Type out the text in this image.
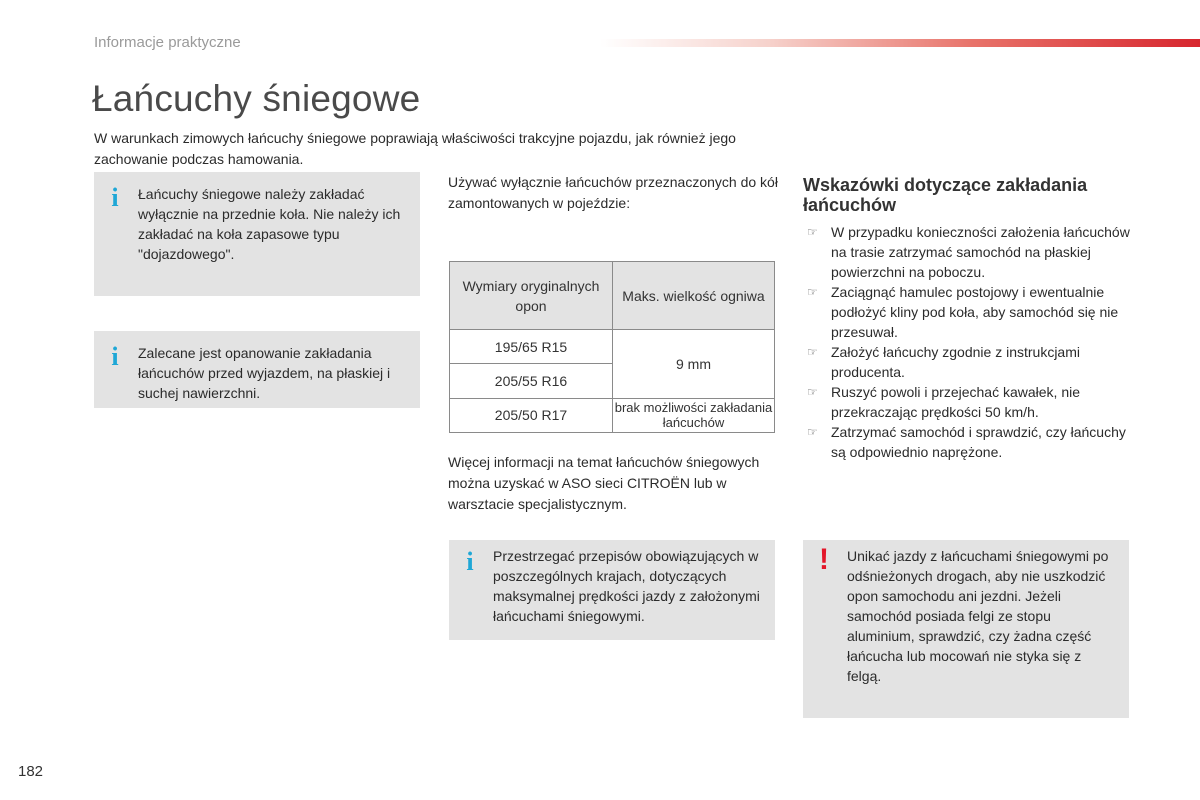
Informacje praktyczne
Łańcuchy śniegowe
W warunkach zimowych łańcuchy śniegowe poprawiają właściwości trakcyjne pojazdu, jak również jego zachowanie podczas hamowania.
i Łańcuchy śniegowe należy zakładać wyłącznie na przednie koła. Nie należy ich zakładać na koła zapasowe typu "dojazdowego".
i Zalecane jest opanowanie zakładania łańcuchów przed wyjazdem, na płaskiej i suchej nawierzchni.
Używać wyłącznie łańcuchów przeznaczonych do kół zamontowanych w pojeździe:
Wymiary oryginalnych opon	Maks. wielkość ogniwa
195/65 R15	9 mm
205/55 R16	
205/50 R17	brak możliwości zakładania łańcuchów
Więcej informacji na temat łańcuchów śniegowych można uzyskać w ASO sieci CITROËN lub w warsztacie specjalistycznym.
i Przestrzegać przepisów obowiązujących w poszczególnych krajach, dotyczących maksymalnej prędkości jazdy z założonymi łańcuchami śniegowymi.
Wskazówki dotyczące zakładania łańcuchów
☞ W przypadku konieczności założenia łańcuchów na trasie zatrzymać samochód na płaskiej powierzchni na poboczu.
☞ Zaciągnąć hamulec postojowy i ewentualnie podłożyć kliny pod koła, aby samochód się nie przesuwał.
☞ Założyć łańcuchy zgodnie z instrukcjami producenta.
☞ Ruszyć powoli i przejechać kawałek, nie przekraczając prędkości 50 km/h.
☞ Zatrzymać samochód i sprawdzić, czy łańcuchy są odpowiednio naprężone.
! Unikać jazdy z łańcuchami śniegowymi po odśnieżonych drogach, aby nie uszkodzić opon samochodu ani jezdni. Jeżeli samochód posiada felgi ze stopu aluminium, sprawdzić, czy żadna część łańcucha lub mocowań nie styka się z felgą.
182
